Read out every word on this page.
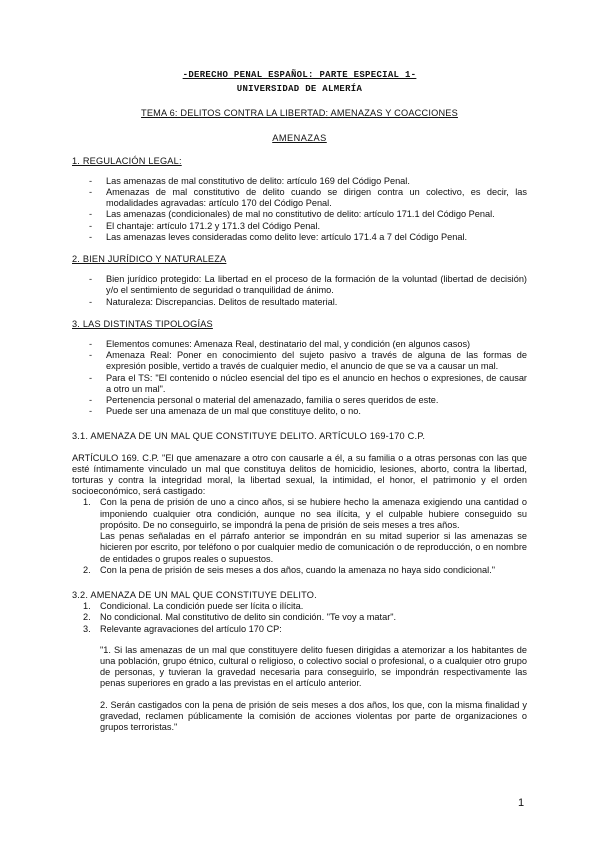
-DERECHO PENAL ESPAÑOL: PARTE ESPECIAL 1-
UNIVERSIDAD DE ALMERÍA
TEMA 6: DELITOS CONTRA LA LIBERTAD: AMENAZAS Y COACCIONES
AMENAZAS
1. REGULACIÓN LEGAL:
- Las amenazas de mal constitutivo de delito: artículo 169 del Código Penal.
- Amenazas de mal constitutivo de delito cuando se dirigen contra un colectivo, es decir, las modalidades agravadas: artículo 170 del Código Penal.
- Las amenazas (condicionales) de mal no constitutivo de delito: artículo 171.1 del Código Penal.
- El chantaje: artículo 171.2 y 171.3 del Código Penal.
- Las amenazas leves consideradas como delito leve: artículo 171.4 a 7 del Código Penal.
2. BIEN JURÍDICO Y NATURALEZA
- Bien jurídico protegido: La libertad en el proceso de la formación de la voluntad (libertad de decisión) y/o el sentimiento de seguridad o tranquilidad de ánimo.
- Naturaleza: Discrepancias. Delitos de resultado material.
3. LAS DISTINTAS TIPOLOGÍAS
- Elementos comunes: Amenaza Real, destinatario del mal, y condición (en algunos casos)
- Amenaza Real: Poner en conocimiento del sujeto pasivo a través de alguna de las formas de expresión posible, vertido a través de cualquier medio, el anuncio de que se va a causar un mal.
- Para el TS: "El contenido o núcleo esencial del tipo es el anuncio en hechos o expresiones, de causar a otro un mal".
- Pertenencia personal o material del amenazado, familia o seres queridos de este.
- Puede ser una amenaza de un mal que constituye delito, o no.
3.1. AMENAZA DE UN MAL QUE CONSTITUYE DELITO. ARTÍCULO 169-170 C.P.
ARTÍCULO 169. C.P. "El que amenazare a otro con causarle a él, a su familia o a otras personas con las que esté íntimamente vinculado un mal que constituya delitos de homicidio, lesiones, aborto, contra la libertad, torturas y contra la integridad moral, la libertad sexual, la intimidad, el honor, el patrimonio y el orden socioeconómico, será castigado:
1. Con la pena de prisión de uno a cinco años, si se hubiere hecho la amenaza exigiendo una cantidad o imponiendo cualquier otra condición, aunque no sea ilícita, y el culpable hubiere conseguido su propósito. De no conseguirlo, se impondrá la pena de prisión de seis meses a tres años.
Las penas señaladas en el párrafo anterior se impondrán en su mitad superior si las amenazas se hicieren por escrito, por teléfono o por cualquier medio de comunicación o de reproducción, o en nombre de entidades o grupos reales o supuestos.
2. Con la pena de prisión de seis meses a dos años, cuando la amenaza no haya sido condicional."
3.2. AMENAZA DE UN MAL QUE CONSTITUYE DELITO.
1. Condicional. La condición puede ser lícita o ilícita.
2. No condicional. Mal constitutivo de delito sin condición. "Te voy a matar".
3. Relevante agravaciones del artículo 170 CP:
"1. Si las amenazas de un mal que constituyere delito fuesen dirigidas a atemorizar a los habitantes de una población, grupo étnico, cultural o religioso, o colectivo social o profesional, o a cualquier otro grupo de personas, y tuvieran la gravedad necesaria para conseguirlo, se impondrán respectivamente las penas superiores en grado a las previstas en el artículo anterior.
2. Serán castigados con la pena de prisión de seis meses a dos años, los que, con la misma finalidad y gravedad, reclamen públicamente la comisión de acciones violentas por parte de organizaciones o grupos terroristas."
1
